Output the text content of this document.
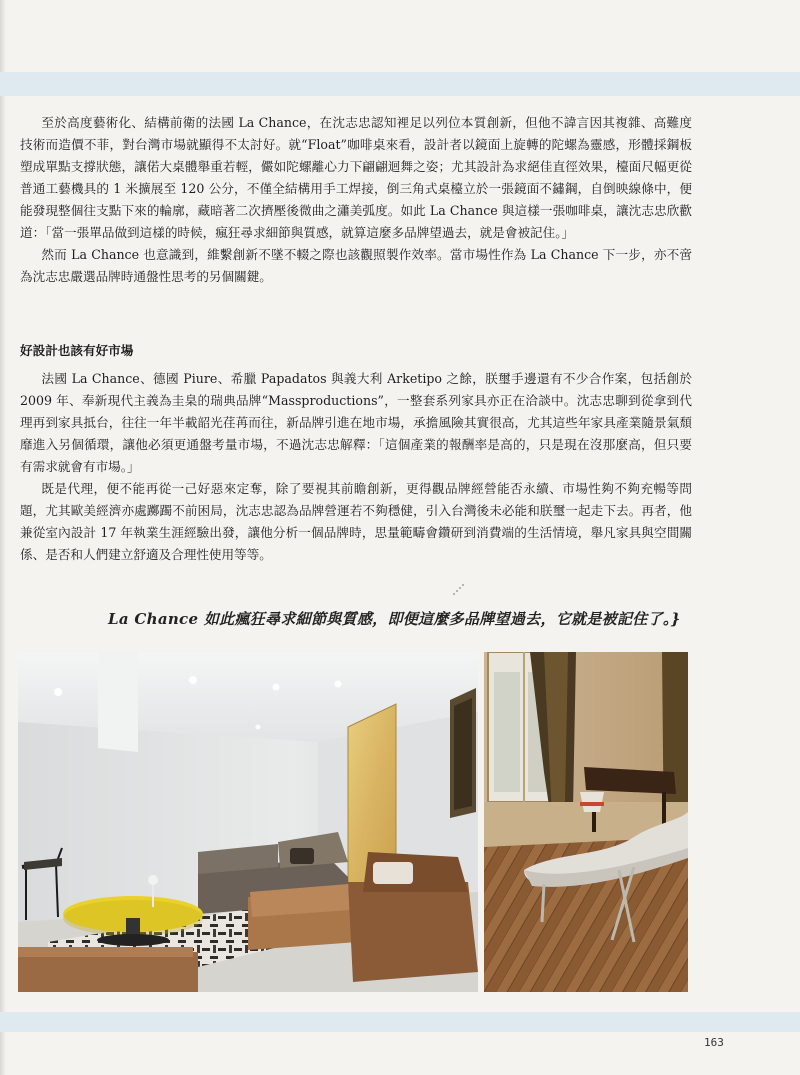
至於高度藝術化、結構前衛的法國 La Chance，在沈志忠認知裡足以列位本質創新，但他不諱言因其複雜、高難度技術而造價不菲，對台灣市場就顯得不太討好。就“Float”咖啡桌來看，設計者以鏡面上旋轉的陀螺為靈感，形體採鋼板塑成單點支撐狀態，讓偌大桌體舉重若輕，儼如陀螺離心力下翩翩迴舞之姿；尤其設計為求絕佳直徑效果，檯面尺幅更從普通工藝機具的 1 米擴展至 120 公分，不僅全結構用手工焊接，倒三角式桌檯立於一張鏡面不鏽鋼，自倒映線條中，便能發現整個往支點下來的輪廓，藏暗著二次擠壓後微曲之瀟美弧度。如此 La Chance 與這樣一張咖啡桌，讓沈志忠欣歡道：「當一張單品做到這樣的時候，瘋狂尋求細節與質感，就算這麼多品牌望過去，就是會被記住。」

然而 La Chance 也意識到，維繫創新不墜不輟之際也該觀照製作效率。當市場性作為 La Chance 下一步，亦不啻為沈志忠嚴選品牌時通盤性思考的另個關鍵。

好設計也該有好市場

法國 La Chance、德國 Piure、希臘 Papadatos 與義大利 Arketipo 之餘，朕璽手邊還有不少合作案，包括創於 2009 年、奉新現代主義為圭臬的瑞典品牌“Massproductions”，一整套系列家具亦正在洽談中。沈志忠聊到從拿到代理再到家具抵台，往往一年半載韶光荏苒而往，新品牌引進在地市場，承擔風險其實很高，尤其這些年家具產業隨景氣頹靡進入另個循環，讓他必須更通盤考量市場，不過沈志忠解釋：「這個產業的報酬率是高的，只是現在沒那麼高，但只要有需求就會有市場。」

既是代理，便不能再從一己好惡來定奪，除了要視其前瞻創新，更得觀品牌經營能否永續、市場性夠不夠充暢等問題，尤其歐美經濟亦處躑躅不前困局，沈志忠認為品牌營運若不夠穩健，引入台灣後未必能和朕璽一起走下去。再者，他兼從室內設計 17 年執業生涯經驗出發，讓他分析一個品牌時，思量範疇會鑽研到消費端的生活情境，舉凡家具與空間關係、是否和人們建立舒適及合理性使用等等。

La Chance 如此瘋狂尋求細節與質感，即便這麼多品牌望過去，它就是被記住了。}
163
